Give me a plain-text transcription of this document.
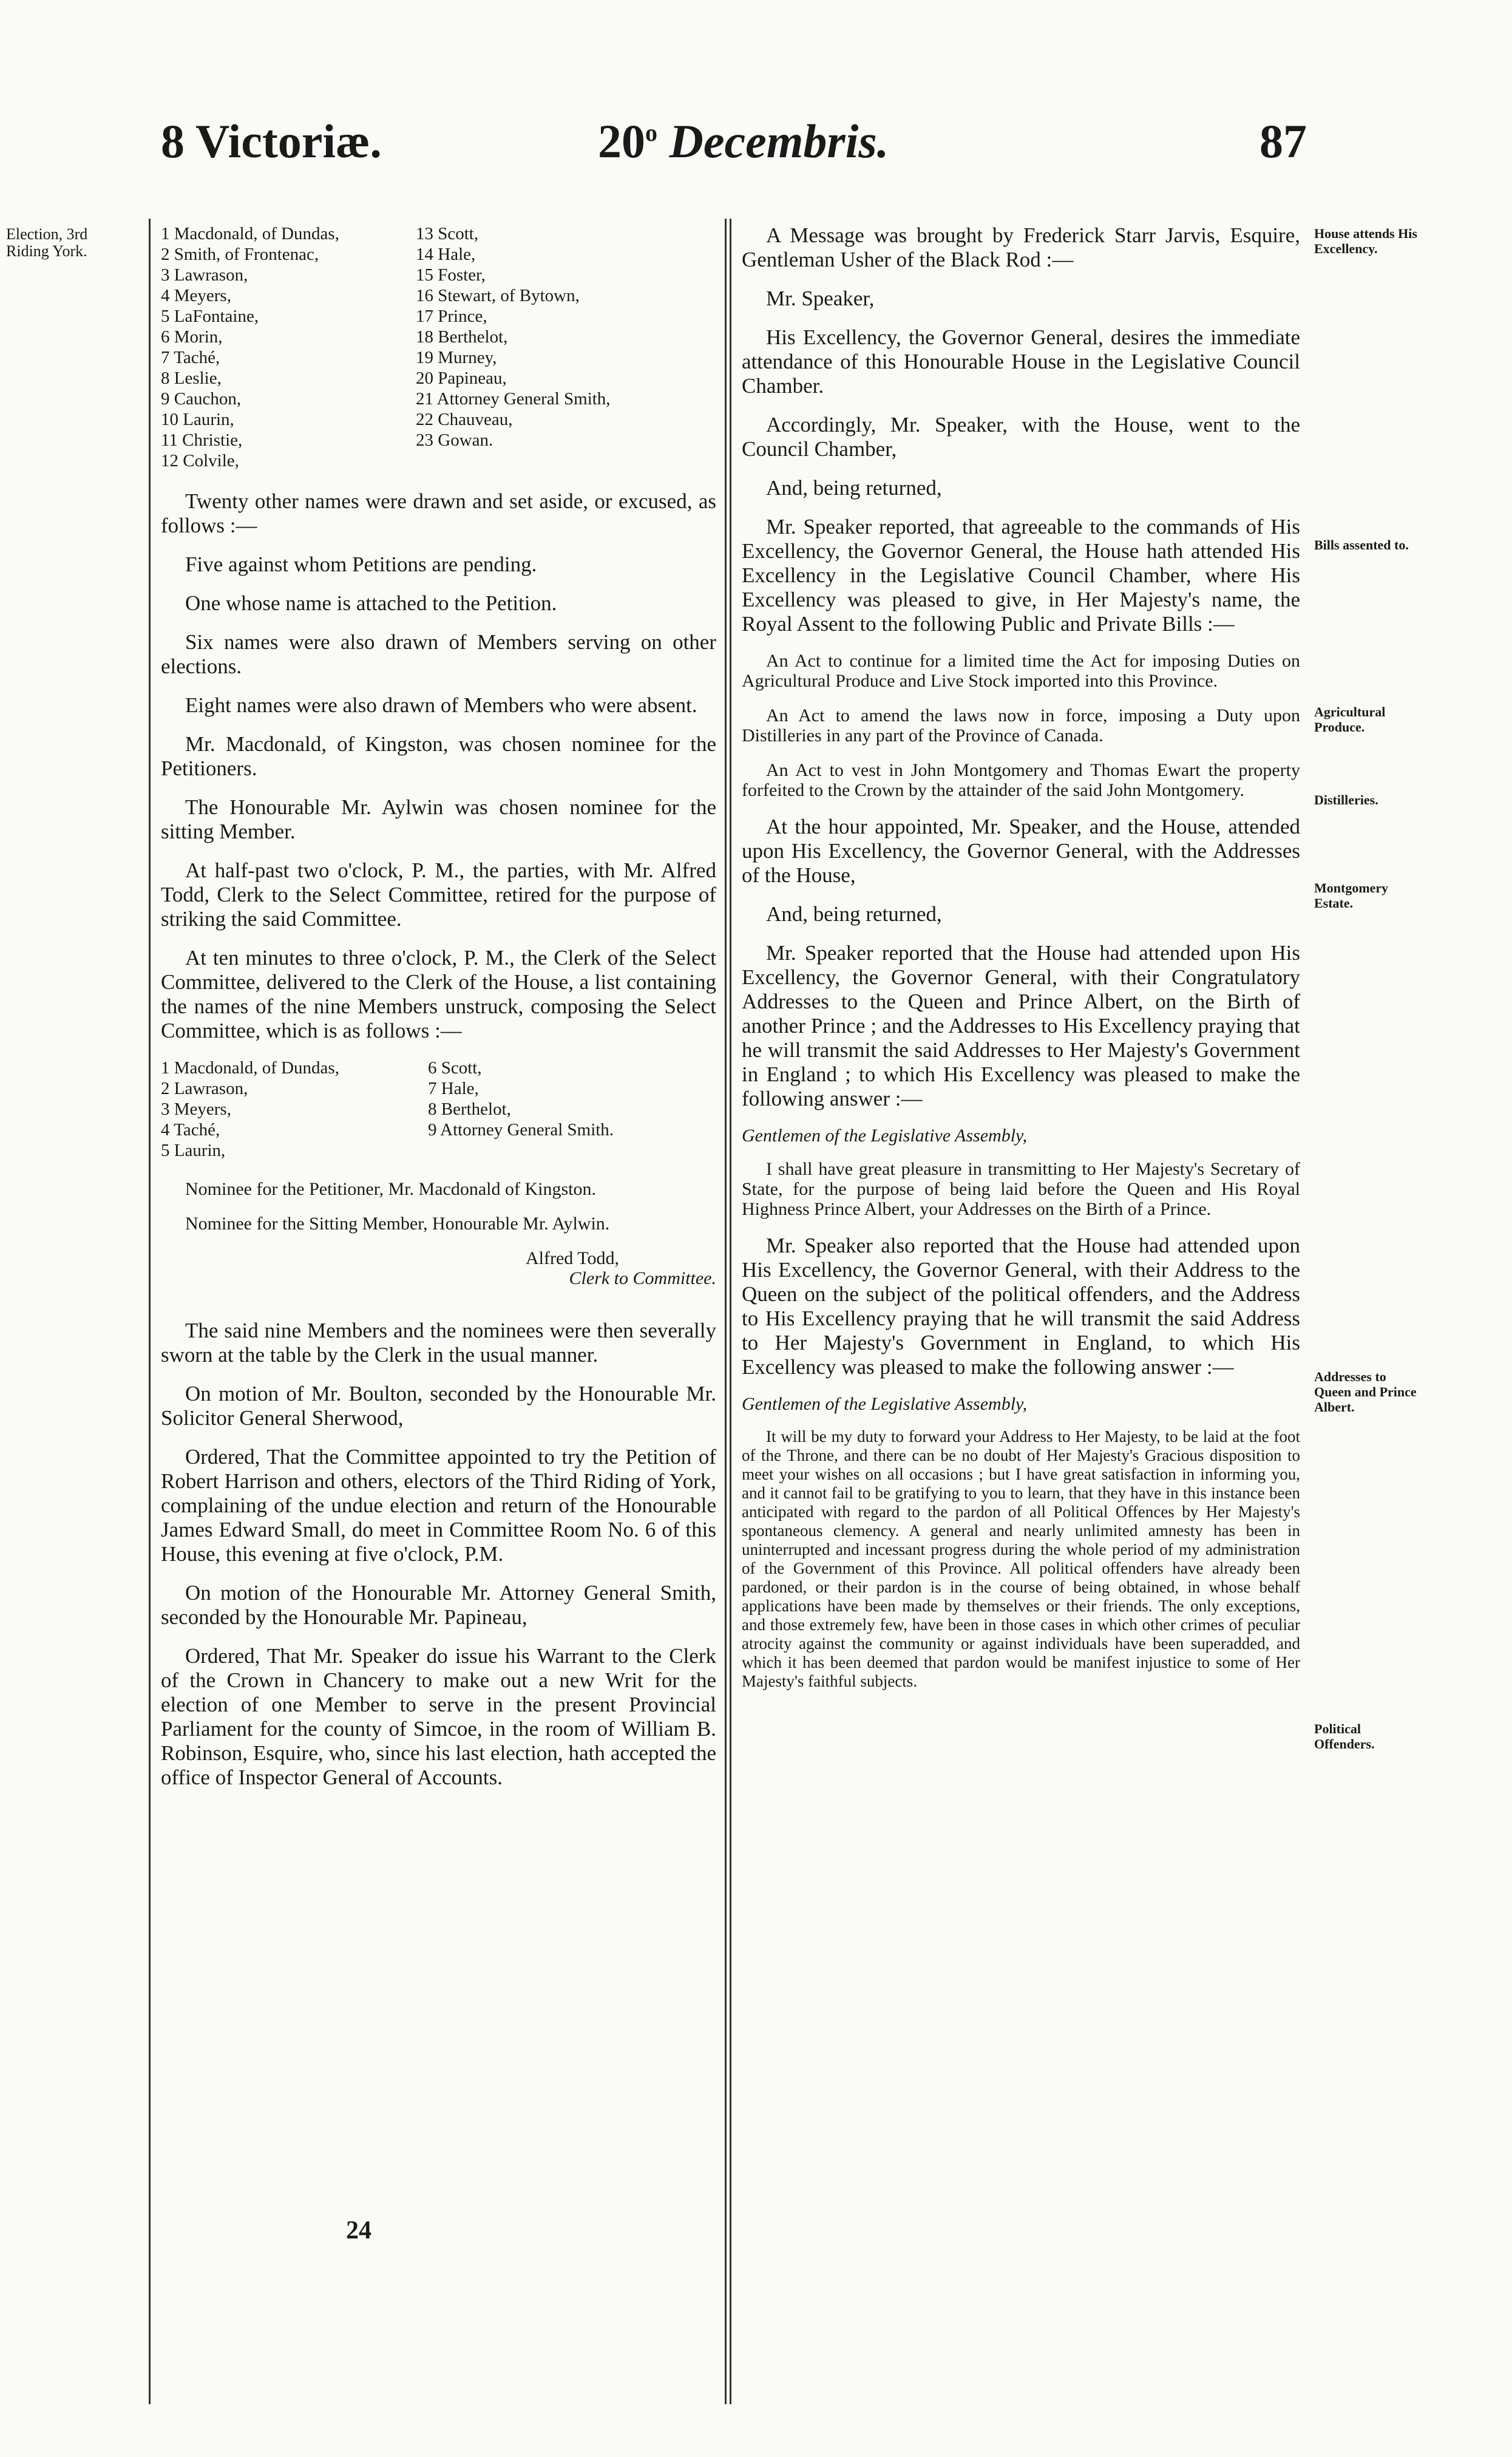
8 Victoriæ.	20$^o$ Decembris.	87
Election, 3rd Riding York.
House attends His Excellency.
Bills assented to.
Agricultural Produce.
Distilleries.
Montgomery Estate.
Addresses to Queen and Prince Albert.
Political Offenders.
1 Macdonald, of Dundas,
2 Smith, of Frontenac,
3 Lawrason,
4 Meyers,
5 LaFontaine,
6 Morin,
7 Taché,
8 Leslie,
9 Cauchon,
10 Laurin,
11 Christie,
12 Colvile,
13 Scott,
14 Hale,
15 Foster,
16 Stewart, of Bytown,
17 Prince,
18 Berthelot,
19 Murney,
20 Papineau,
21 Attorney General Smith,
22 Chauveau,
23 Gowan.

Twenty other names were drawn and set aside, or excused, as follows :—

Five against whom Petitions are pending.

One whose name is attached to the Petition.

Six names were also drawn of Members serving on other elections.

Eight names were also drawn of Members who were absent.

Mr. Macdonald, of Kingston, was chosen nominee for the Petitioners.

The Honourable Mr. Aylwin was chosen nominee for the sitting Member.

At half-past two o'clock, P. M., the parties, with Mr. Alfred Todd, Clerk to the Select Committee, retired for the purpose of striking the said Committee.

At ten minutes to three o'clock, P. M., the Clerk of the Select Committee, delivered to the Clerk of the House, a list containing the names of the nine Members unstruck, composing the Select Committee, which is as follows :—

1 Macdonald, of Dundas,
2 Lawrason,
3 Meyers,
4 Taché,
5 Laurin,
6 Scott,
7 Hale,
8 Berthelot,
9 Attorney General Smith.

Nominee for the Petitioner, Mr. Macdonald of Kingston.

Nominee for the Sitting Member, Honourable Mr. Aylwin.

Alfred Todd,
Clerk to Committee.

The said nine Members and the nominees were then severally sworn at the table by the Clerk in the usual manner.

On motion of Mr. Boulton, seconded by the Honourable Mr. Solicitor General Sherwood,

Ordered, That the Committee appointed to try the Petition of Robert Harrison and others, electors of the Third Riding of York, complaining of the undue election and return of the Honourable James Edward Small, do meet in Committee Room No. 6 of this House, this evening at five o'clock, P.M.

On motion of the Honourable Mr. Attorney General Smith, seconded by the Honourable Mr. Papineau,

Ordered, That Mr. Speaker do issue his Warrant to the Clerk of the Crown in Chancery to make out a new Writ for the election of one Member to serve in the present Provincial Parliament for the county of Simcoe, in the room of William B. Robinson, Esquire, who, since his last election, hath accepted the office of Inspector General of Accounts.

24

A Message was brought by Frederick Starr Jarvis, Esquire, Gentleman Usher of the Black Rod :—

Mr. Speaker,

His Excellency, the Governor General, desires the immediate attendance of this Honourable House in the Legislative Council Chamber.

Accordingly, Mr. Speaker, with the House, went to the Council Chamber,

And, being returned,

Mr. Speaker reported, that agreeable to the commands of His Excellency, the Governor General, the House hath attended His Excellency in the Legislative Council Chamber, where His Excellency was pleased to give, in Her Majesty's name, the Royal Assent to the following Public and Private Bills :—

An Act to continue for a limited time the Act for imposing Duties on Agricultural Produce and Live Stock imported into this Province.

An Act to amend the laws now in force, imposing a Duty upon Distilleries in any part of the Province of Canada.

An Act to vest in John Montgomery and Thomas Ewart the property forfeited to the Crown by the attainder of the said John Montgomery.

At the hour appointed, Mr. Speaker, and the House, attended upon His Excellency, the Governor General, with the Addresses of the House,

And, being returned,

Mr. Speaker reported that the House had attended upon His Excellency, the Governor General, with their Congratulatory Addresses to the Queen and Prince Albert, on the Birth of another Prince ; and the Addresses to His Excellency praying that he will transmit the said Addresses to Her Majesty's Government in England ; to which His Excellency was pleased to make the following answer :—

Gentlemen of the Legislative Assembly,

I shall have great pleasure in transmitting to Her Majesty's Secretary of State, for the purpose of being laid before the Queen and His Royal Highness Prince Albert, your Addresses on the Birth of a Prince.

Mr. Speaker also reported that the House had attended upon His Excellency, the Governor General, with their Address to the Queen on the subject of the political offenders, and the Address to His Excellency praying that he will transmit the said Address to Her Majesty's Government in England, to which His Excellency was pleased to make the following answer :—

Gentlemen of the Legislative Assembly,

It will be my duty to forward your Address to Her Majesty, to be laid at the foot of the Throne, and there can be no doubt of Her Majesty's Gracious disposition to meet your wishes on all occasions ; but I have great satisfaction in informing you, and it cannot fail to be gratifying to you to learn, that they have in this instance been anticipated with regard to the pardon of all Political Offences by Her Majesty's spontaneous clemency. A general and nearly unlimited amnesty has been in uninterrupted and incessant progress during the whole period of my administration of the Government of this Province. All political offenders have already been pardoned, or their pardon is in the course of being obtained, in whose behalf applications have been made by themselves or their friends. The only exceptions, and those extremely few, have been in those cases in which other crimes of peculiar atrocity against the community or against individuals have been superadded, and which it has been deemed that pardon would be manifest injustice to some of Her Majesty's faithful subjects.
